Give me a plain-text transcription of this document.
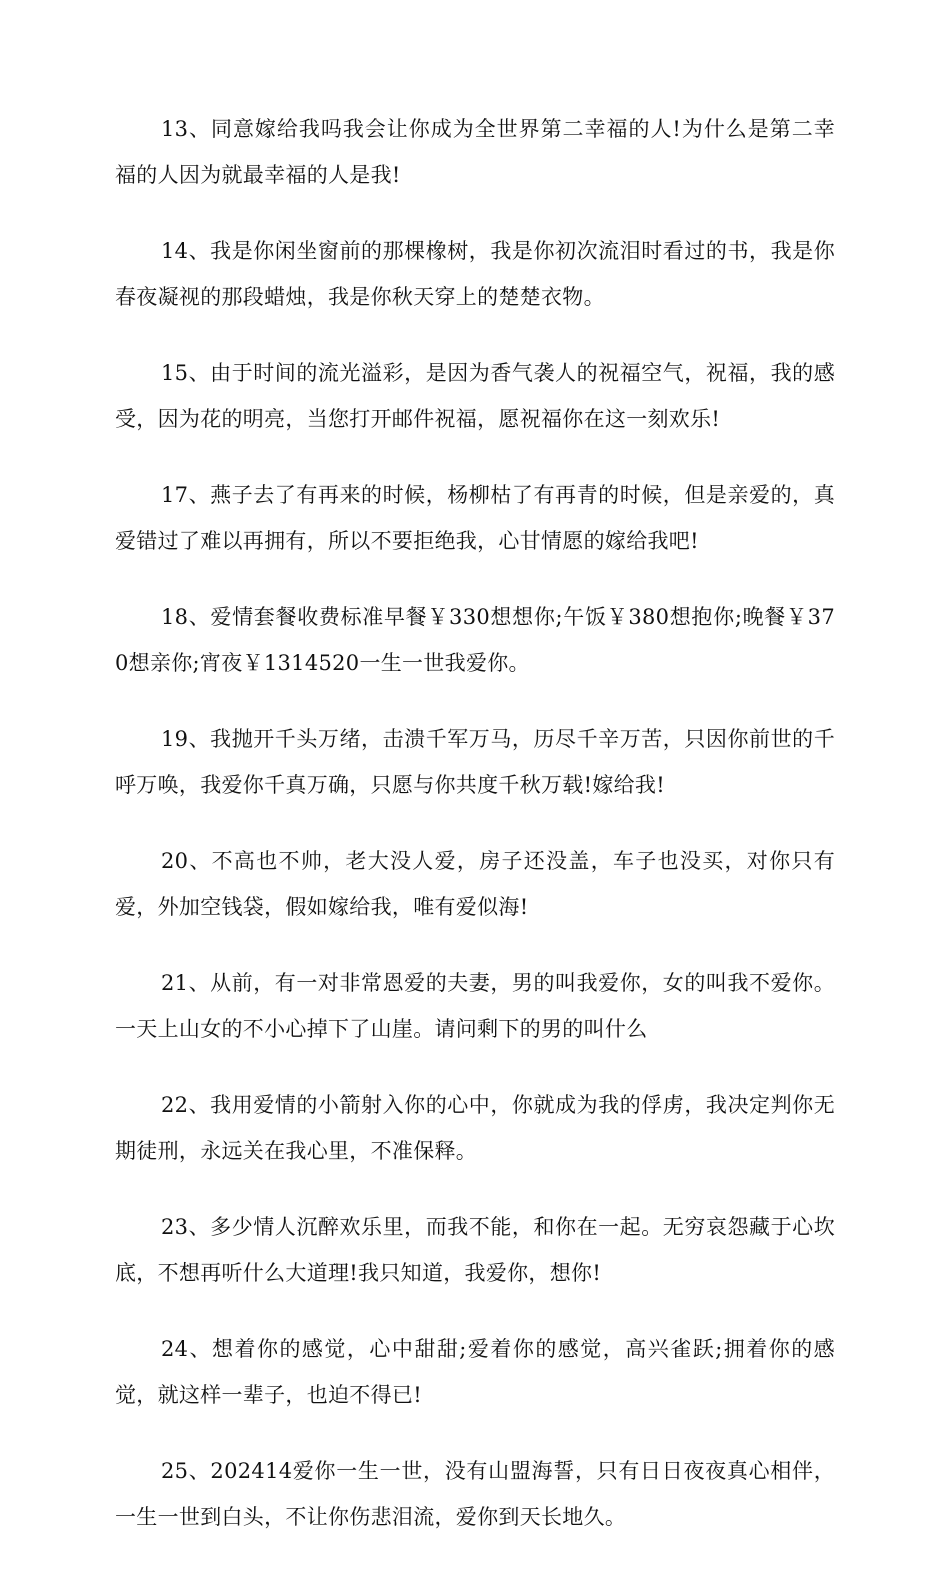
13、同意嫁给我吗我会让你成为全世界第二幸福的人!为什么是第二幸福的人因为就最幸福的人是我!

14、我是你闲坐窗前的那棵橡树，我是你初次流泪时看过的书，我是你春夜凝视的那段蜡烛，我是你秋天穿上的楚楚衣物。

15、由于时间的流光溢彩，是因为香气袭人的祝福空气，祝福，我的感受，因为花的明亮，当您打开邮件祝福，愿祝福你在这一刻欢乐!

17、燕子去了有再来的时候，杨柳枯了有再青的时候，但是亲爱的，真爱错过了难以再拥有，所以不要拒绝我，心甘情愿的嫁给我吧!

18、爱情套餐收费标准早餐￥330想想你;午饭￥380想抱你;晚餐￥370想亲你;宵夜￥1314520一生一世我爱你。

19、我抛开千头万绪，击溃千军万马，历尽千辛万苦，只因你前世的千呼万唤，我爱你千真万确，只愿与你共度千秋万载!嫁给我!

20、不高也不帅，老大没人爱，房子还没盖，车子也没买，对你只有爱，外加空钱袋，假如嫁给我，唯有爱似海!

21、从前，有一对非常恩爱的夫妻，男的叫我爱你，女的叫我不爱你。一天上山女的不小心掉下了山崖。请问剩下的男的叫什么

22、我用爱情的小箭射入你的心中，你就成为我的俘虏，我决定判你无期徒刑，永远关在我心里，不准保释。

23、多少情人沉醉欢乐里，而我不能，和你在一起。无穷哀怨藏于心坎底，不想再听什么大道理!我只知道，我爱你，想你!

24、想着你的感觉，心中甜甜;爱着你的感觉，高兴雀跃;拥着你的感觉，就这样一辈子，也迫不得已!

25、202414爱你一生一世，没有山盟海誓，只有日日夜夜真心相伴，一生一世到白头，不让你伤悲泪流，爱你到天长地久。
